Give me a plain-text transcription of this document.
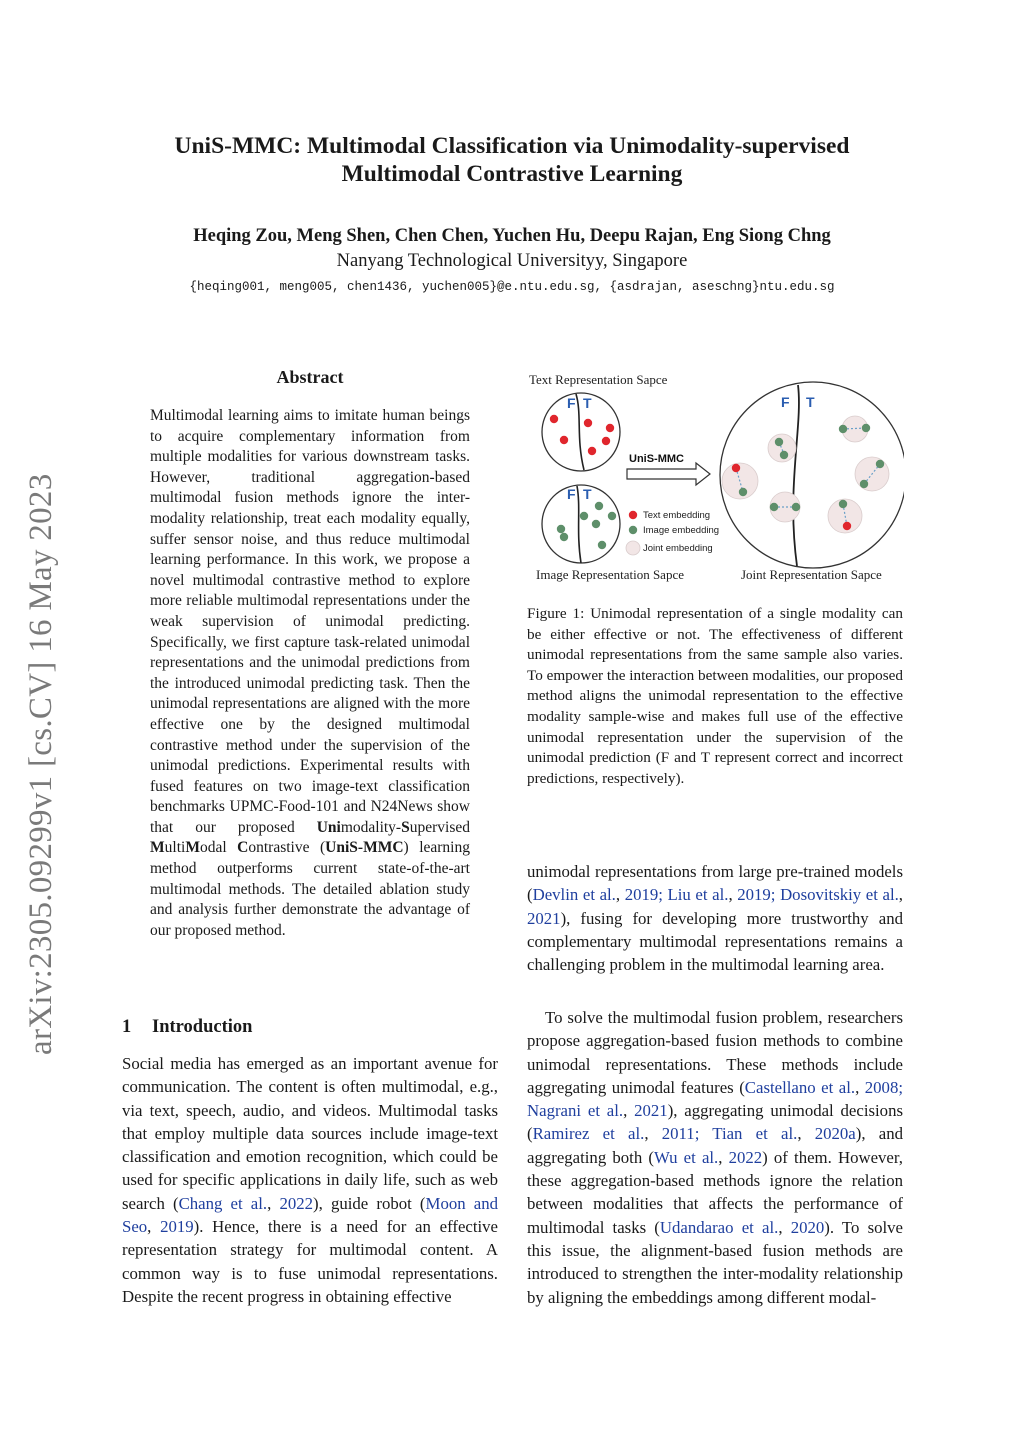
arXiv:2305.09299v1 [cs.CV] 16 May 2023
UniS-MMC: Multimodal Classification via Unimodality-supervised
Multimodal Contrastive Learning
Heqing Zou, Meng Shen, Chen Chen, Yuchen Hu, Deepu Rajan, Eng Siong Chng
Nanyang Technological Universityy, Singapore
{heqing001, meng005, chen1436, yuchen005}@e.ntu.edu.sg, {asdrajan, aseschng}ntu.edu.sg
Abstract
Multimodal learning aims to imitate human beings to acquire complementary information from multiple modalities for various downstream tasks. However, traditional aggregation-based multimodal fusion methods ignore the inter-modality relationship, treat each modality equally, suffer sensor noise, and thus reduce multimodal learning performance. In this work, we propose a novel multimodal contrastive method to explore more reliable multimodal representations under the weak supervision of unimodal predicting. Specifically, we first capture task-related unimodal representations and the unimodal predictions from the introduced unimodal predicting task. Then the unimodal representations are aligned with the more effective one by the designed multimodal contrastive method under the supervision of the unimodal predictions. Experimental results with fused features on two image-text classification benchmarks UPMC-Food-101 and N24News show that our proposed Unimodality-Supervised MultiModal Contrastive (UniS-MMC) learning method outperforms current state-of-the-art multimodal methods. The detailed ablation study and analysis further demonstrate the advantage of our proposed method.
1 Introduction
Social media has emerged as an important avenue for communication. The content is often multimodal, e.g., via text, speech, audio, and videos. Multimodal tasks that employ multiple data sources include image-text classification and emotion recognition, which could be used for specific applications in daily life, such as web search (Chang et al., 2022), guide robot (Moon and Seo, 2019). Hence, there is a need for an effective representation strategy for multimodal content. A common way is to fuse unimodal representations. Despite the recent progress in obtaining effective
unimodal representations from large pre-trained models (Devlin et al., 2019; Liu et al., 2019; Dosovitskiy et al., 2021), fusing for developing more trustworthy and complementary multimodal representations remains a challenging problem in the multimodal learning area.
To solve the multimodal fusion problem, researchers propose aggregation-based fusion methods to combine unimodal representations. These methods include aggregating unimodal features (Castellano et al., 2008; Nagrani et al., 2021), aggregating unimodal decisions (Ramirez et al., 2011; Tian et al., 2020a), and aggregating both (Wu et al., 2022) of them. However, these aggregation-based methods ignore the relation between modalities that affects the performance of multimodal tasks (Udandarao et al., 2020). To solve this issue, the alignment-based fusion methods are introduced to strengthen the inter-modality relationship by aligning the embeddings among different modal-
Text Representation Sapce
F T
F T
Image Representation Sapce
UniS-MMC
Text embedding
Image embedding
Joint embedding
F T
Joint Representation Sapce
Figure 1: Unimodal representation of a single modality can be either effective or not. The effectiveness of different unimodal representations from the same sample also varies. To empower the interaction between modalities, our proposed method aligns the unimodal representation to the effective modality sample-wise and makes full use of the effective unimodal representation under the supervision of the unimodal prediction (F and T represent correct and incorrect predictions, respectively).
